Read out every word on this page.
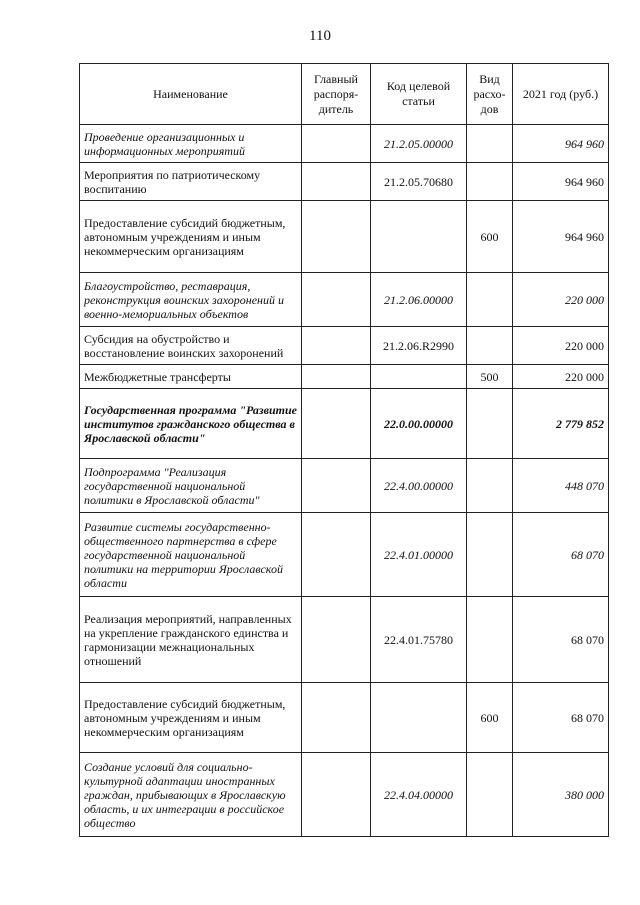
110
Наименование	Главный распоря-дитель	Код целевой статьи	Вид расхо-дов	2021 год (руб.)
Проведение организационных и информационных мероприятий		21.2.05.00000		964 960
Мероприятия по патриотическому воспитанию		21.2.05.70680		964 960
Предоставление субсидий бюджетным, автономным учреждениям и иным некоммерческим организациям			600	964 960
Благоустройство, реставрация, реконструкция воинских захоронений и военно-мемориальных объектов		21.2.06.00000		220 000
Субсидия на обустройство и восстановление воинских захоронений		21.2.06.R2990		220 000
Межбюджетные трансферты			500	220 000
Государственная программа "Развитие институтов гражданского общества в Ярославской области"		22.0.00.00000		2 779 852
Подпрограмма "Реализация государственной национальной политики в Ярославской области"		22.4.00.00000		448 070
Развитие системы государственно-общественного партнерства в сфере государственной национальной политики на территории Ярославской области		22.4.01.00000		68 070
Реализация мероприятий, направленных на укрепление гражданского единства и гармонизации межнациональных отношений		22.4.01.75780		68 070
Предоставление субсидий бюджетным, автономным учреждениям и иным некоммерческим организациям			600	68 070
Создание условий для социально-культурной адаптации иностранных граждан, прибывающих в Ярославскую область, и их интеграции в российское общество		22.4.04.00000		380 000
